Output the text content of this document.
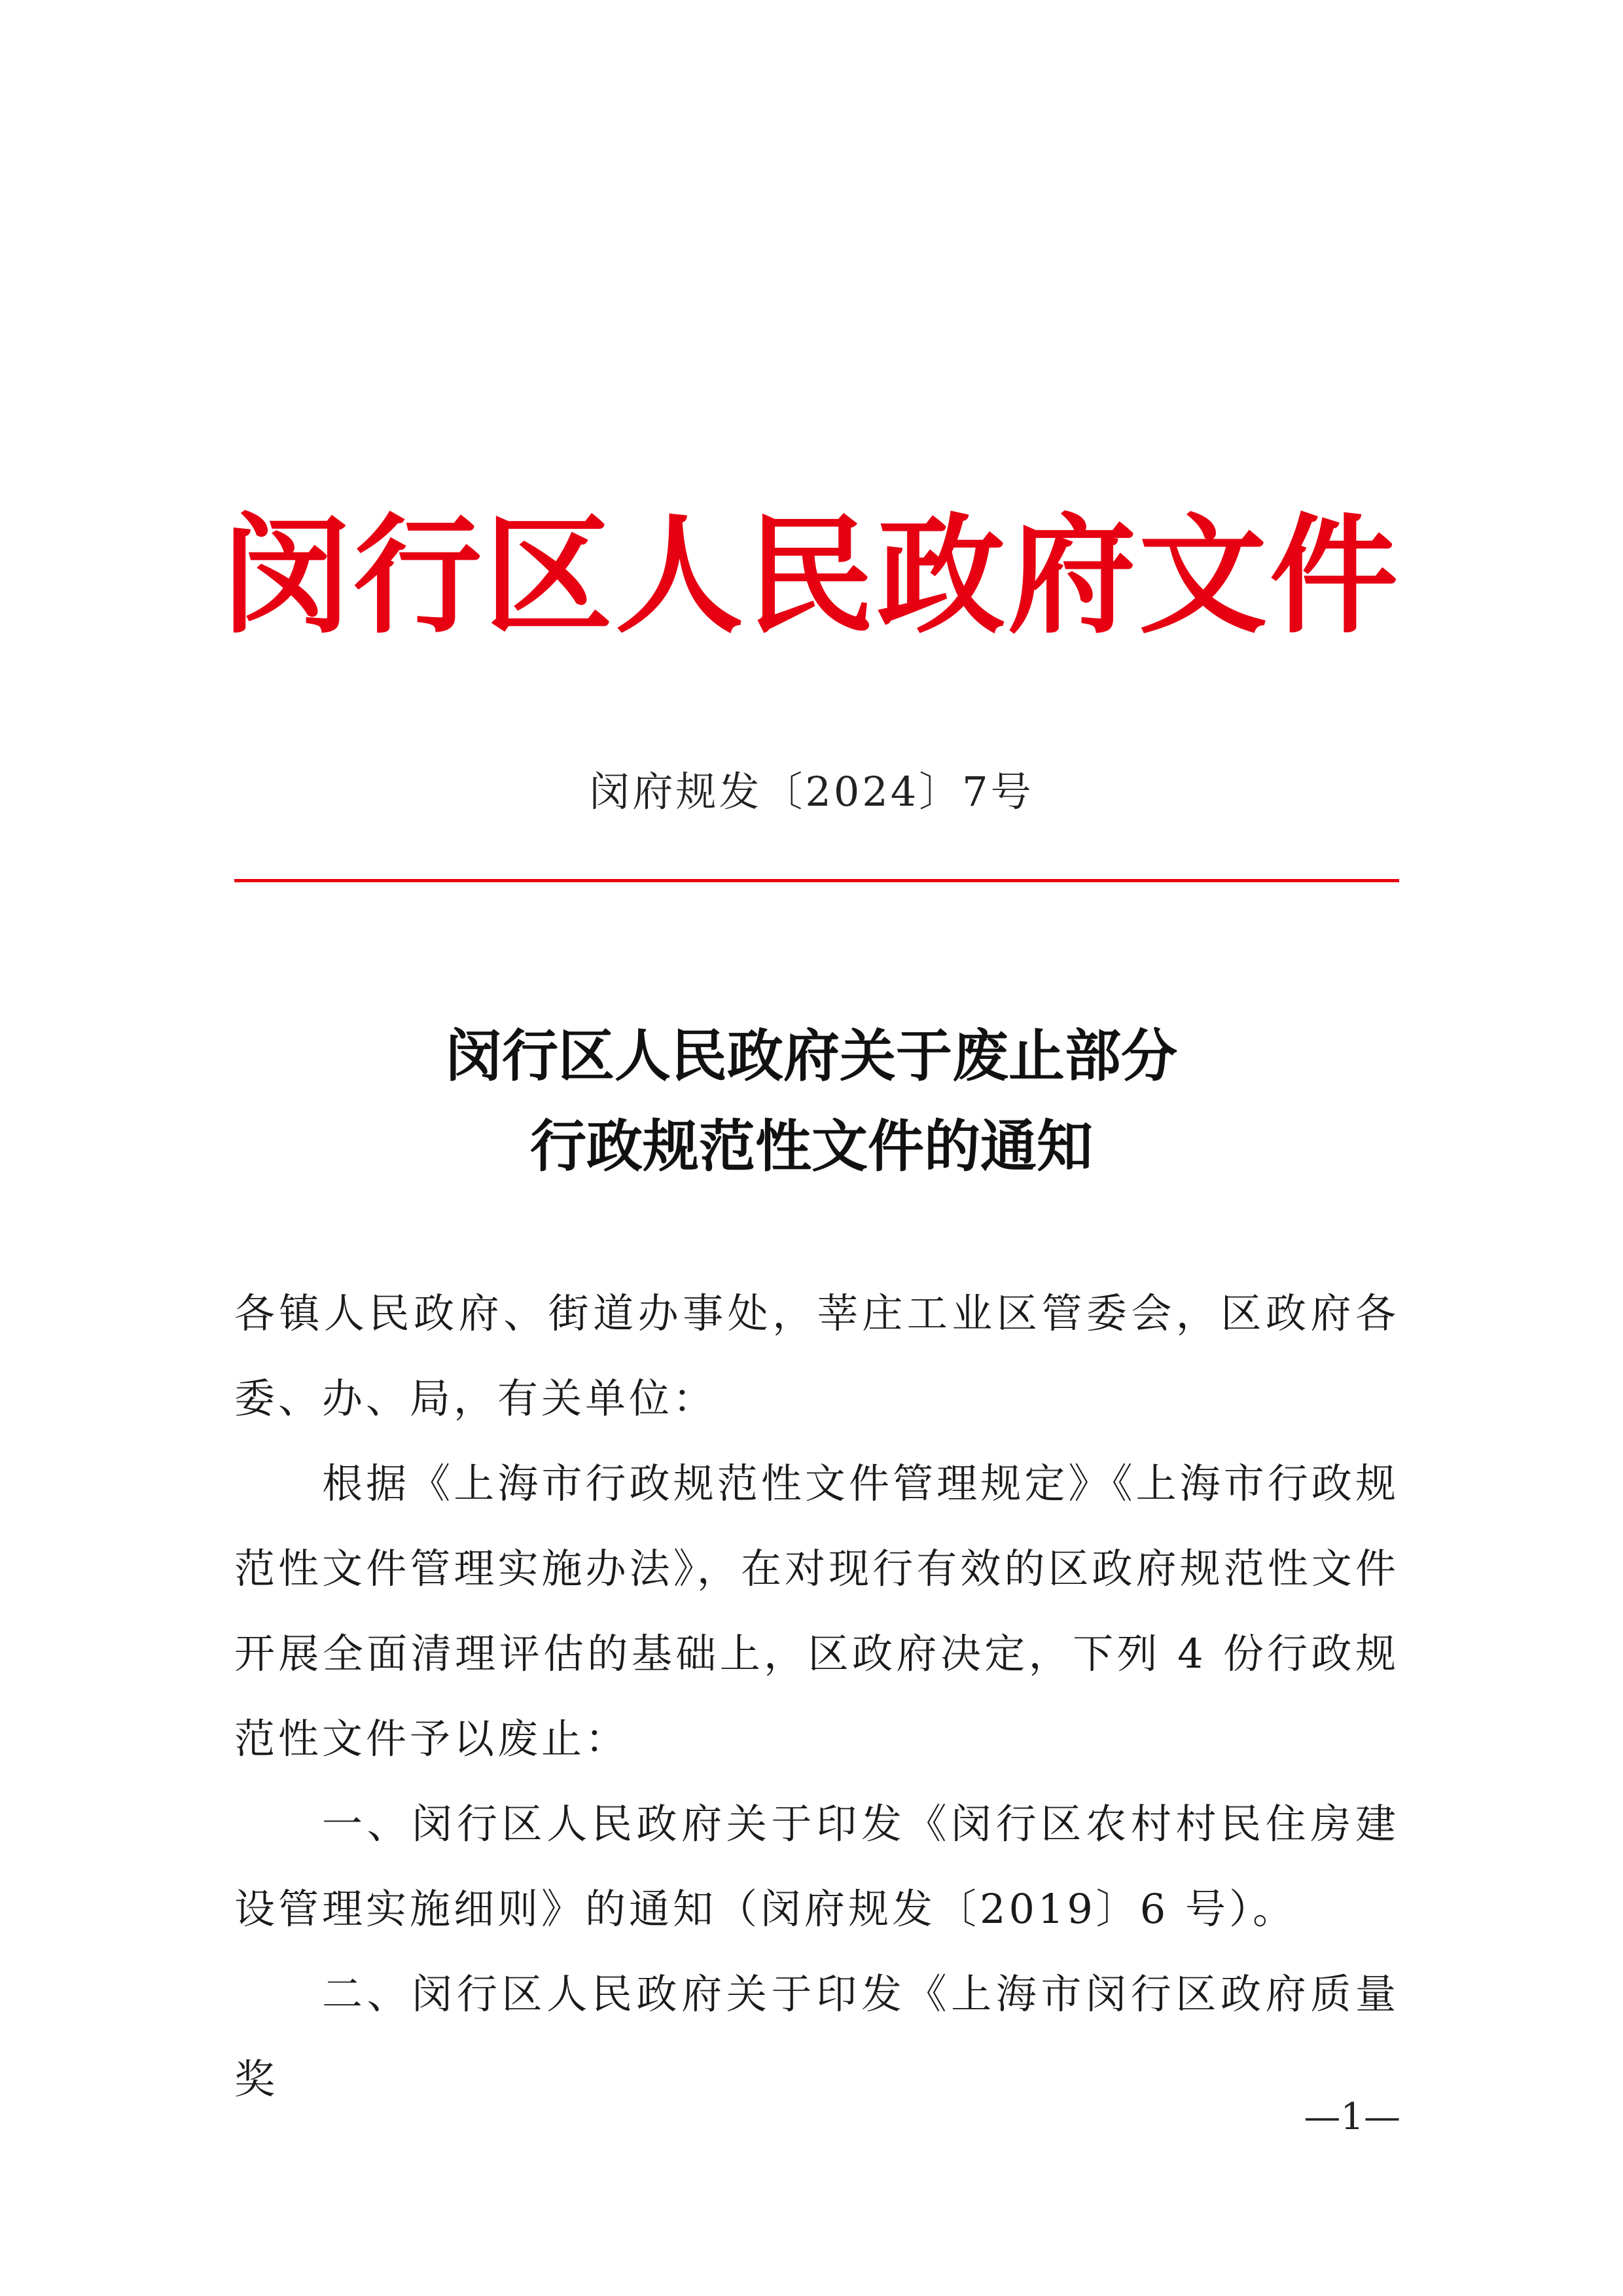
闵行区人民政府文件
闵府规发〔2024〕7号
闵行区人民政府关于废止部分
行政规范性文件的通知

各镇人民政府、街道办事处，莘庄工业区管委会，区政府各委、办、局，有关单位：

根据《上海市行政规范性文件管理规定》《上海市行政规范性文件管理实施办法》，在对现行有效的区政府规范性文件开展全面清理评估的基础上，区政府决定，下列 4 份行政规范性文件予以废止：

一、闵行区人民政府关于印发《闵行区农村村民住房建设管理实施细则》的通知（闵府规发〔2019〕6 号）。

二、闵行区人民政府关于印发《上海市闵行区政府质量奖

—1—
